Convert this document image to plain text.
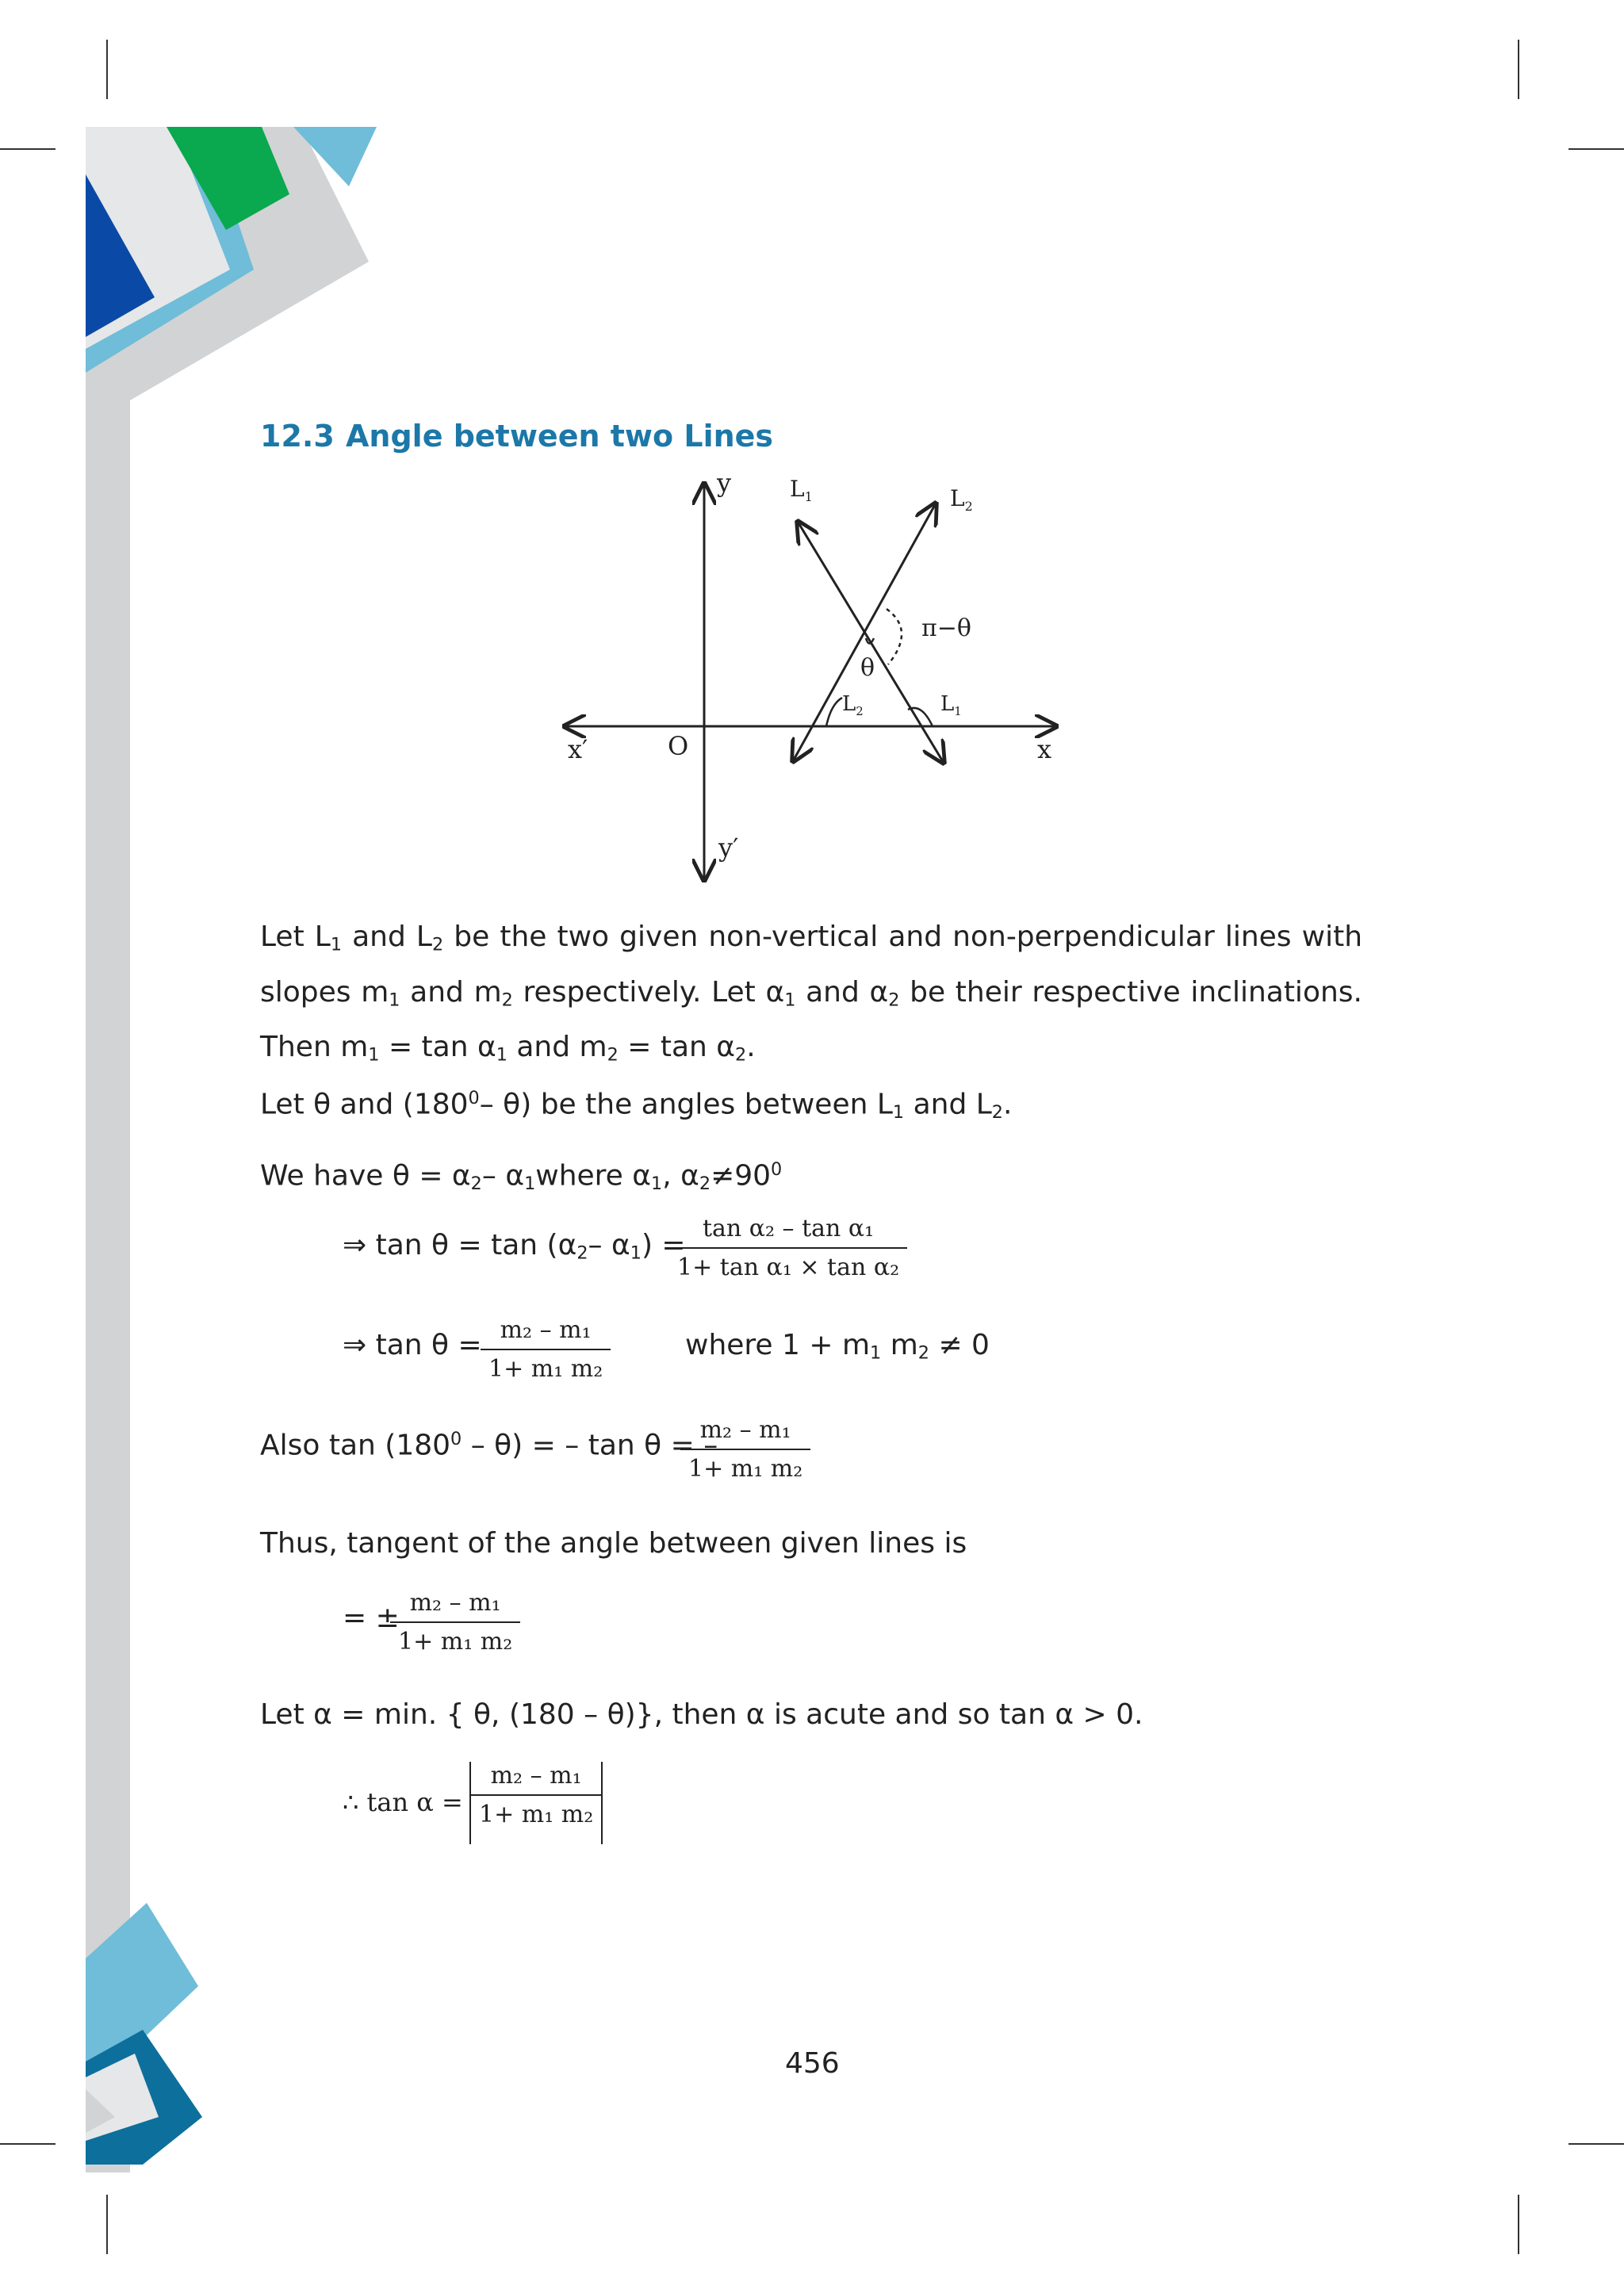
12.3 Angle between two Lines
y
y′
x
x′	O
$L_1$	$L_2$
π−θ
θ
$L_2$	$L_1$
Let $L_1$ and $L_2$ be the two given non-vertical and non-perpendicular lines with slopes $m_1$ and $m_2$ respectively. Let $\alpha_1$ and $\alpha_2$ be their respective inclinations. Then $m_1 = \tan \alpha_1$ and $m_2 = \tan \alpha_2$.
Let θ and ($180^0-$ θ) be the angles between $L_1$ and $L_2$.
We have $\theta = \alpha_2-$ $\alpha_1where$ $\alpha_1$, $\alpha_2\ne 90^0$
⇒ $\tan \theta = \tan (\alpha_2-$ $\alpha_1$) =
$\frac{\text{tan α₂ – tan α₁}}{\text{1+ tan α₁ × tan α₂}}$
⇒ tan θ =
$\frac{\text{m₂ – m₁}}{\text{1+ m₁ m₂}}$	where $1 + m_1$ $m_2 \ne 0$
Also $\tan (180^0 - \theta)$ = – tan θ = –
$\frac{\text{m₂ – m₁}}{\text{1+ m₁ m₂}}$
Thus, tangent of the angle between given lines is
= ±
$\frac{\text{m₂ – m₁}}{\text{1+ m₁ m₂}}$
Let α = min. { θ, (180 – θ)}, then α is acute and so tan α > 0.
∴ tan α =
m₂ – m₁
1+ m₁ m₂
456
